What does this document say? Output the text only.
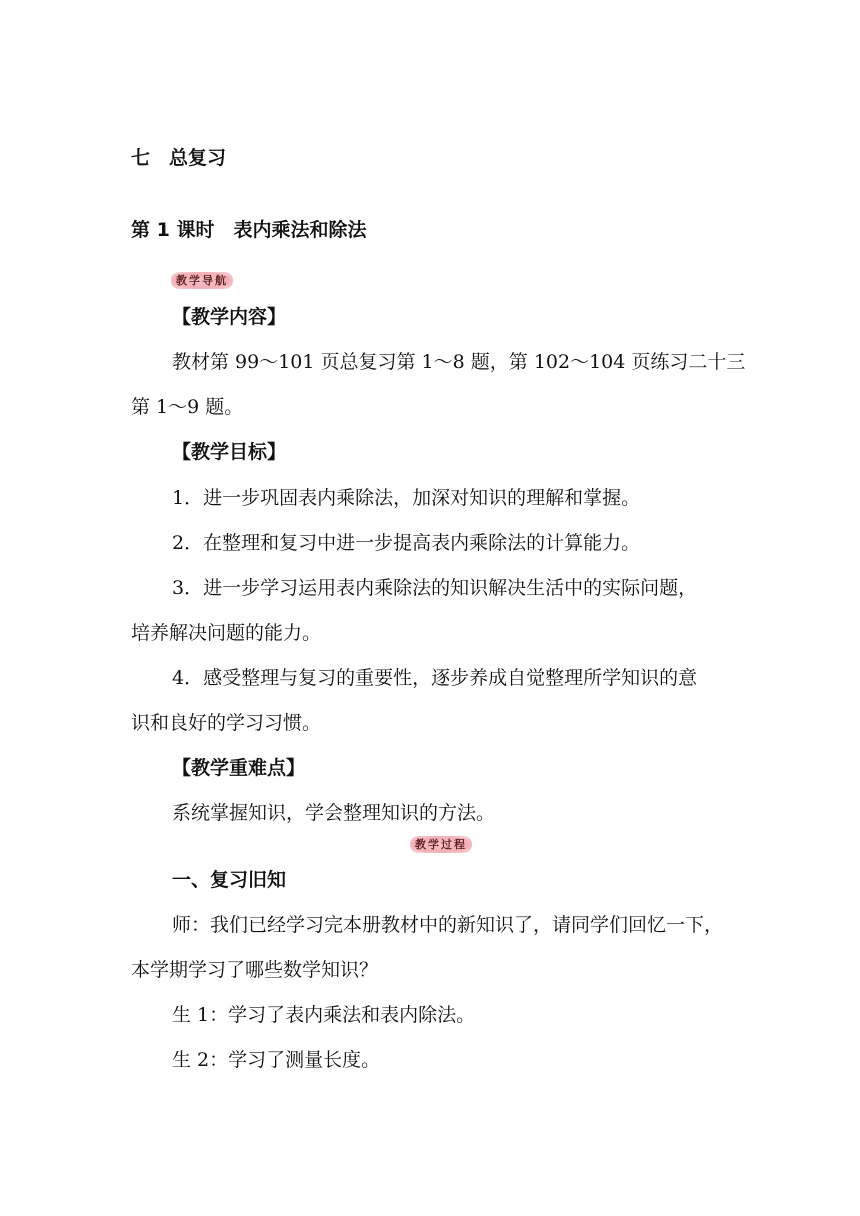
七　总复习
第 1 课时　表内乘法和除法
教学导航
【教学内容】
教材第 99～101 页总复习第 1～8 题，第 102～104 页练习二十三
第 1～9 题。
【教学目标】
1．进一步巩固表内乘除法，加深对知识的理解和掌握。
2．在整理和复习中进一步提高表内乘除法的计算能力。
3．进一步学习运用表内乘除法的知识解决生活中的实际问题，
培养解决问题的能力。
4．感受整理与复习的重要性，逐步养成自觉整理所学知识的意
识和良好的学习习惯。
【教学重难点】
系统掌握知识，学会整理知识的方法。
教学过程
一、复习旧知
师：我们已经学习完本册教材中的新知识了，请同学们回忆一下，
本学期学习了哪些数学知识？
生 1：学习了表内乘法和表内除法。
生 2：学习了测量长度。
